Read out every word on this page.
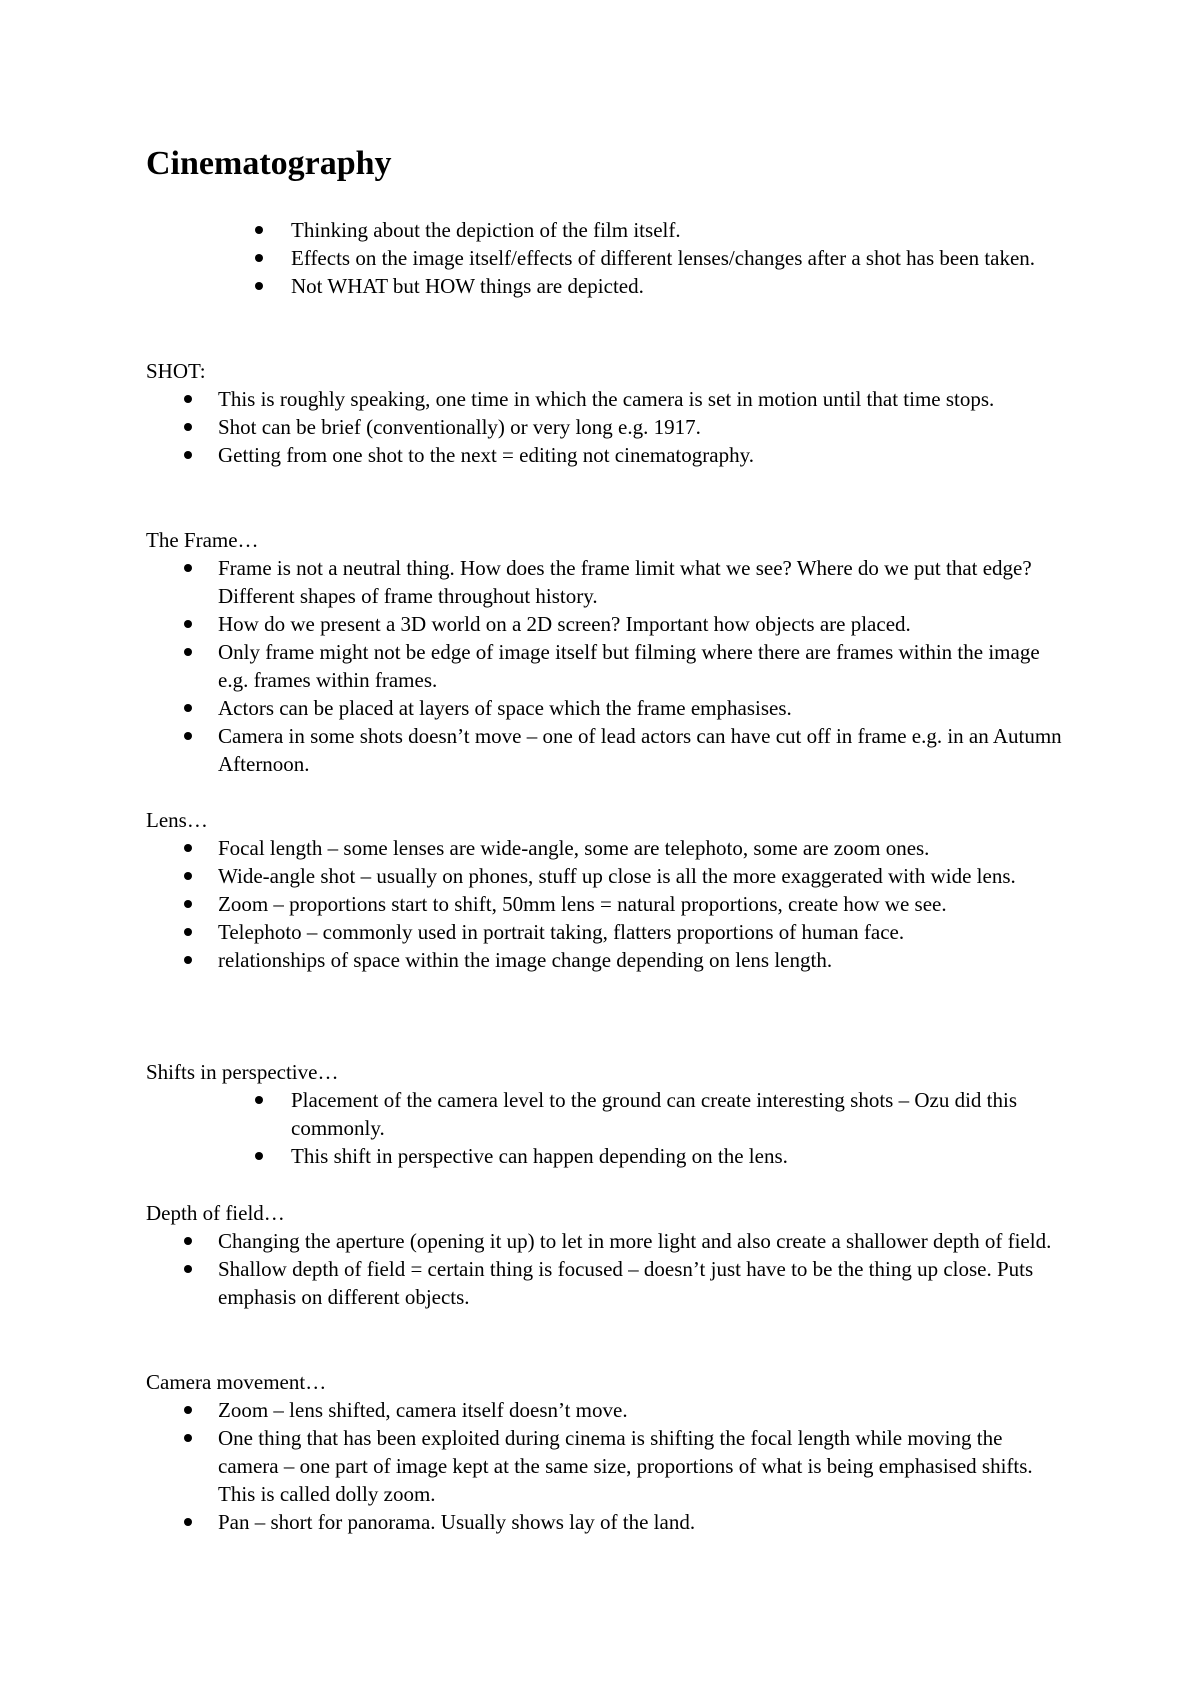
Cinematography
Thinking about the depiction of the film itself.
Effects on the image itself/effects of different lenses/changes after a shot has been taken.
Not WHAT but HOW things are depicted.

SHOT:

This is roughly speaking, one time in which the camera is set in motion until that time stops.
Shot can be brief (conventionally) or very long e.g. 1917.
Getting from one shot to the next = editing not cinematography.

The Frame…

Frame is not a neutral thing. How does the frame limit what we see? Where do we put that edge? Different shapes of frame throughout history.
How do we present a 3D world on a 2D screen? Important how objects are placed.
Only frame might not be edge of image itself but filming where there are frames within the image e.g. frames within frames.
Actors can be placed at layers of space which the frame emphasises.
Camera in some shots doesn’t move – one of lead actors can have cut off in frame e.g. in an Autumn Afternoon.

Lens…

Focal length – some lenses are wide-angle, some are telephoto, some are zoom ones.
Wide-angle shot – usually on phones, stuff up close is all the more exaggerated with wide lens.
Zoom – proportions start to shift, 50mm lens = natural proportions, create how we see.
Telephoto – commonly used in portrait taking, flatters proportions of human face.
relationships of space within the image change depending on lens length.

Shifts in perspective…

Placement of the camera level to the ground can create interesting shots – Ozu did this commonly.
This shift in perspective can happen depending on the lens.

Depth of field…

Changing the aperture (opening it up) to let in more light and also create a shallower depth of field.
Shallow depth of field = certain thing is focused – doesn’t just have to be the thing up close. Puts emphasis on different objects.

Camera movement…

Zoom – lens shifted, camera itself doesn’t move.
One thing that has been exploited during cinema is shifting the focal length while moving the camera – one part of image kept at the same size, proportions of what is being emphasised shifts. This is called dolly zoom.
Pan – short for panorama. Usually shows lay of the land.
